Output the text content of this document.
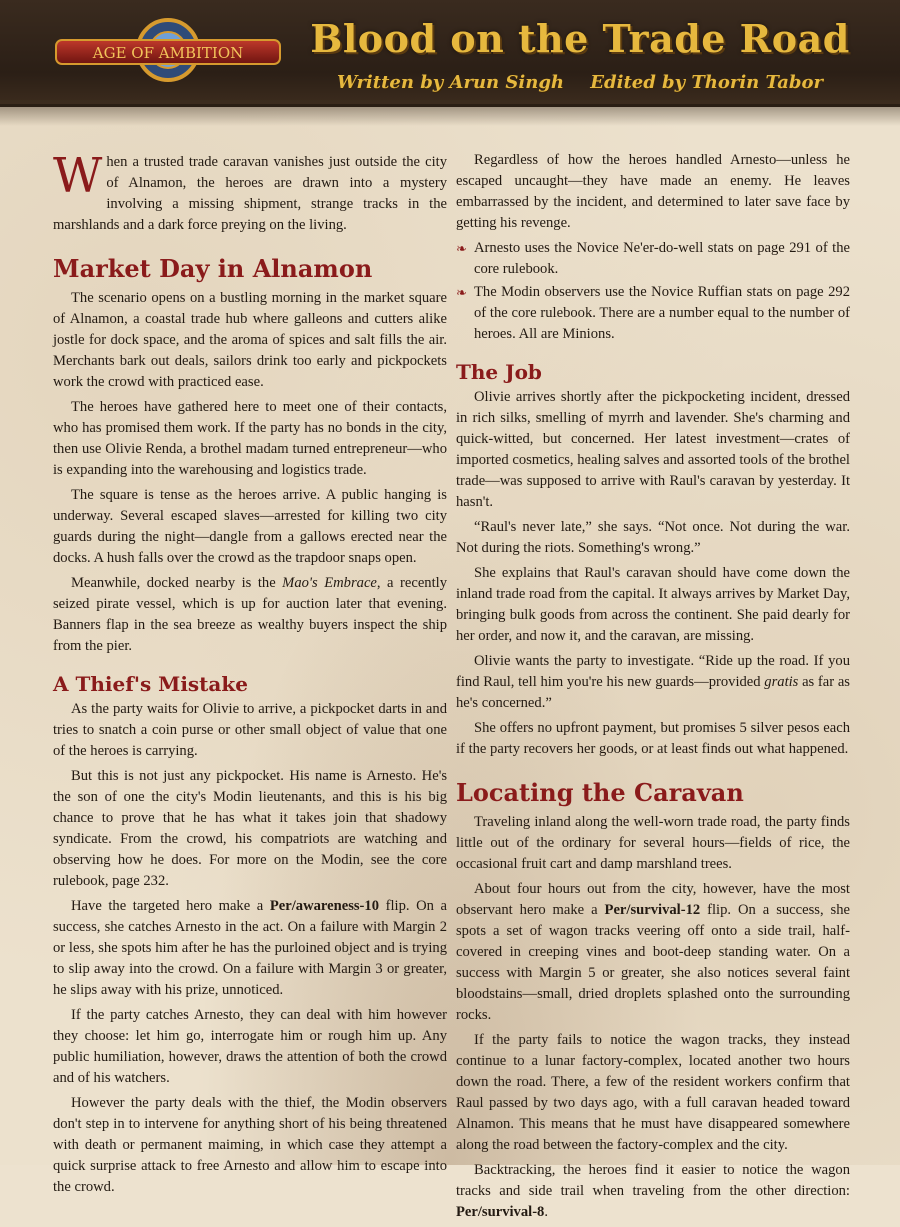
AGE OF AMBITION Blood on the Trade Road
Written by Arun Singh Edited by Thorin Tabor

When a trusted trade caravan vanishes just outside the city of Alnamon, the heroes are drawn into a mystery involving a missing shipment, strange tracks in the marshlands and a dark force preying on the living.

Market Day in Alnamon

The scenario opens on a bustling morning in the market square of Alnamon, a coastal trade hub where galleons and cutters alike jostle for dock space, and the aroma of spices and salt fills the air. Merchants bark out deals, sailors drink too early and pickpockets work the crowd with practiced ease.

The heroes have gathered here to meet one of their contacts, who has promised them work. If the party has no bonds in the city, then use Olivie Renda, a brothel madam turned entrepreneur—who is expanding into the warehousing and logistics trade.

The square is tense as the heroes arrive. A public hanging is underway. Several escaped slaves—arrested for killing two city guards during the night—dangle from a gallows erected near the docks. A hush falls over the crowd as the trapdoor snaps open.

Meanwhile, docked nearby is the Mao's Embrace, a recently seized pirate vessel, which is up for auction later that evening. Banners flap in the sea breeze as wealthy buyers inspect the ship from the pier.

A Thief's Mistake

As the party waits for Olivie to arrive, a pickpocket darts in and tries to snatch a coin purse or other small object of value that one of the heroes is carrying.

But this is not just any pickpocket. His name is Arnesto. He's the son of one the city's Modin lieutenants, and this is his big chance to prove that he has what it takes join that shadowy syndicate. From the crowd, his compatriots are watching and observing how he does. For more on the Modin, see the core rulebook, page 232.

Have the targeted hero make a Per/awareness-10 flip. On a success, she catches Arnesto in the act. On a failure with Margin 2 or less, she spots him after he has the purloined object and is trying to slip away into the crowd. On a failure with Margin 3 or greater, he slips away with his prize, unnoticed.

If the party catches Arnesto, they can deal with him however they choose: let him go, interrogate him or rough him up. Any public humiliation, however, draws the attention of both the crowd and of his watchers.

However the party deals with the thief, the Modin observers don't step in to intervene for anything short of his being threatened with death or permanent maiming, in which case they attempt a quick surprise attack to free Arnesto and allow him to escape into the crowd.

Regardless of how the heroes handled Arnesto—unless he escaped uncaught—they have made an enemy. He leaves embarrassed by the incident, and determined to later save face by getting his revenge.

❧ Arnesto uses the Novice Ne'er-do-well stats on page 291 of the core rulebook.
❧ The Modin observers use the Novice Ruffian stats on page 292 of the core rulebook. There are a number equal to the number of heroes. All are Minions.
The Job

Olivie arrives shortly after the pickpocketing incident, dressed in rich silks, smelling of myrrh and lavender. She's charming and quick-witted, but concerned. Her latest investment—crates of imported cosmetics, healing salves and assorted tools of the brothel trade—was supposed to arrive with Raul's caravan by yesterday. It hasn't.

“Raul's never late,” she says. “Not once. Not during the war. Not during the riots. Something's wrong.”

She explains that Raul's caravan should have come down the inland trade road from the capital. It always arrives by Market Day, bringing bulk goods from across the continent. She paid dearly for her order, and now it, and the caravan, are missing.

Olivie wants the party to investigate. “Ride up the road. If you find Raul, tell him you're his new guards—provided gratis as far as he's concerned.”

She offers no upfront payment, but promises 5 silver pesos each if the party recovers her goods, or at least finds out what happened.

Locating the Caravan

Traveling inland along the well-worn trade road, the party finds little out of the ordinary for several hours—fields of rice, the occasional fruit cart and damp marshland trees.

About four hours out from the city, however, have the most observant hero make a Per/survival-12 flip. On a success, she spots a set of wagon tracks veering off onto a side trail, half-covered in creeping vines and boot-deep standing water. On a success with Margin 5 or greater, she also notices several faint bloodstains—small, dried droplets splashed onto the surrounding rocks.

If the party fails to notice the wagon tracks, they instead continue to a lunar factory-complex, located another two hours down the road. There, a few of the resident workers confirm that Raul passed by two days ago, with a full caravan headed toward Alnamon. This means that he must have disappeared somewhere along the road between the factory-complex and the city.

Backtracking, the heroes find it easier to notice the wagon tracks and side trail when traveling from the other direction: Per/survival-8.
